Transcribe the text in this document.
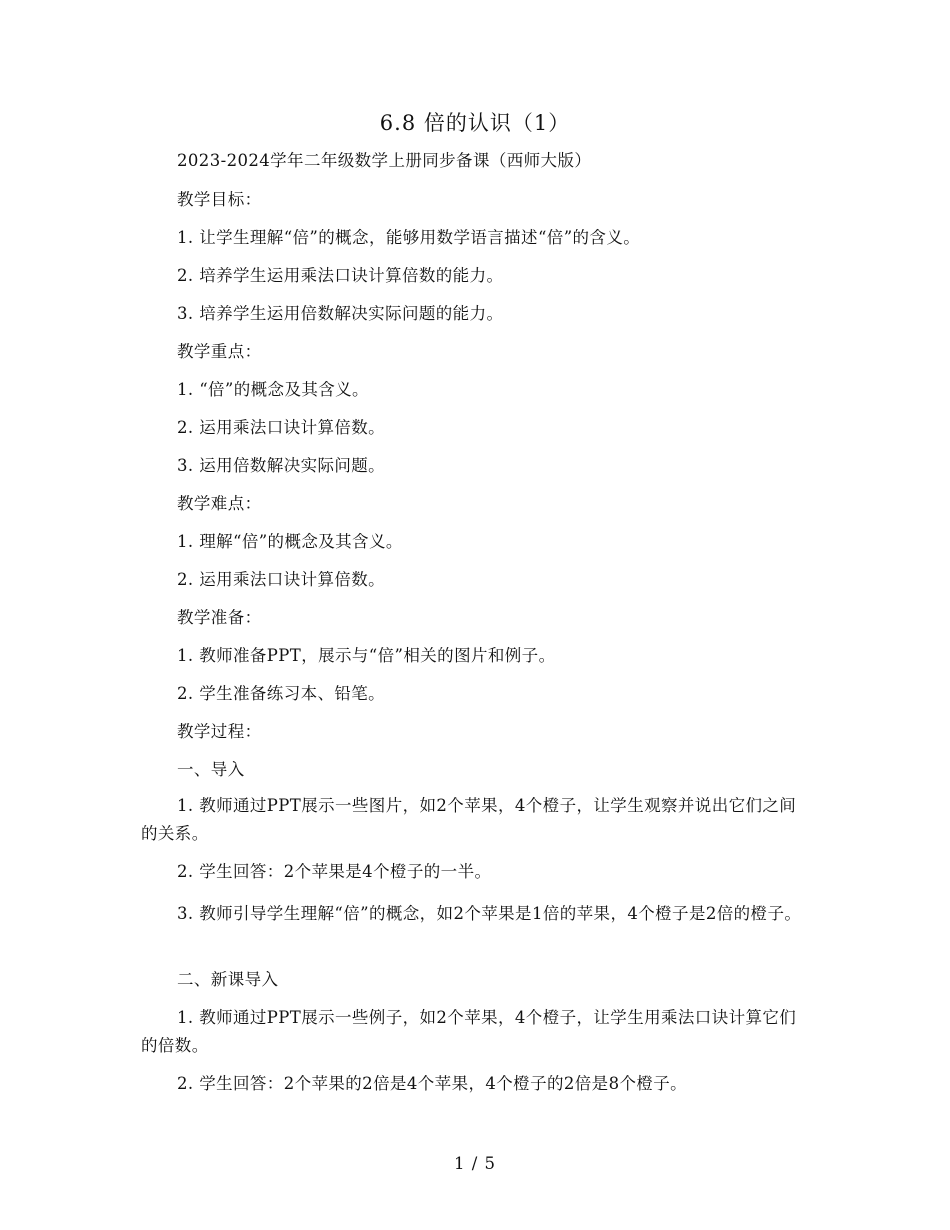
6.8 倍的认识（1）
2023-2024学年二年级数学上册同步备课（西师大版）
教学目标：
1. 让学生理解“倍”的概念，能够用数学语言描述“倍”的含义。
2. 培养学生运用乘法口诀计算倍数的能力。
3. 培养学生运用倍数解决实际问题的能力。
教学重点：
1. “倍”的概念及其含义。
2. 运用乘法口诀计算倍数。
3. 运用倍数解决实际问题。
教学难点：
1. 理解“倍”的概念及其含义。
2. 运用乘法口诀计算倍数。
教学准备：
1. 教师准备PPT，展示与“倍”相关的图片和例子。
2. 学生准备练习本、铅笔。
教学过程：
一、导入
1. 教师通过PPT展示一些图片，如2个苹果，4个橙子，让学生观察并说出它们之间的关系。
2. 学生回答：2个苹果是4个橙子的一半。
3. 教师引导学生理解“倍”的概念，如2个苹果是1倍的苹果，4个橙子是2倍的橙子。
二、新课导入
1. 教师通过PPT展示一些例子，如2个苹果，4个橙子，让学生用乘法口诀计算它们的倍数。
2. 学生回答：2个苹果的2倍是4个苹果，4个橙子的2倍是8个橙子。
1 / 5
